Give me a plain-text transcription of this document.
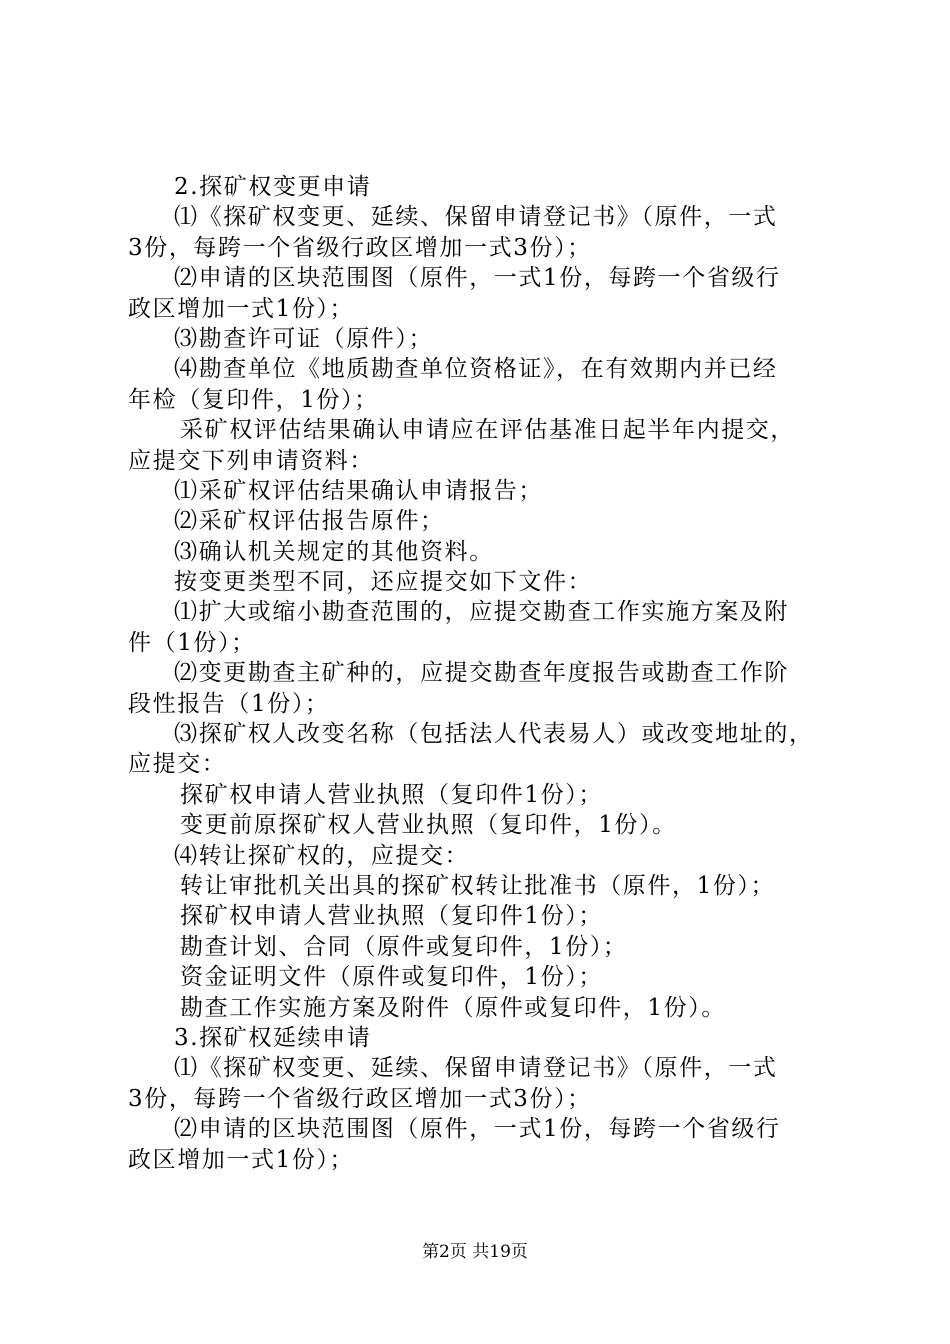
2.探矿权变更申请
⑴《探矿权变更、延续、保留申请登记书》（原件，一式
3份，每跨一个省级行政区增加一式3份）；
⑵申请的区块范围图（原件，一式1份，每跨一个省级行
政区增加一式1份）；
⑶勘查许可证（原件）；
⑷勘查单位《地质勘查单位资格证》，在有效期内并已经
年检（复印件，1份）；
采矿权评估结果确认申请应在评估基准日起半年内提交，
应提交下列申请资料：
⑴采矿权评估结果确认申请报告；
⑵采矿权评估报告原件；
⑶确认机关规定的其他资料。
按变更类型不同，还应提交如下文件：
⑴扩大或缩小勘查范围的，应提交勘查工作实施方案及附
件（1份）；
⑵变更勘查主矿种的，应提交勘查年度报告或勘查工作阶
段性报告（1份）；
⑶探矿权人改变名称（包括法人代表易人）或改变地址的，
应提交：
探矿权申请人营业执照（复印件1份）；
变更前原探矿权人营业执照（复印件，1份）。
⑷转让探矿权的，应提交：
转让审批机关出具的探矿权转让批准书（原件，1份）；
探矿权申请人营业执照（复印件1份）；
勘查计划、合同（原件或复印件，1份）；
资金证明文件（原件或复印件，1份）；
勘查工作实施方案及附件（原件或复印件，1份）。
3.探矿权延续申请
⑴《探矿权变更、延续、保留申请登记书》（原件，一式
3份，每跨一个省级行政区增加一式3份）；
⑵申请的区块范围图（原件，一式1份，每跨一个省级行
政区增加一式1份）；
第2页 共19页
